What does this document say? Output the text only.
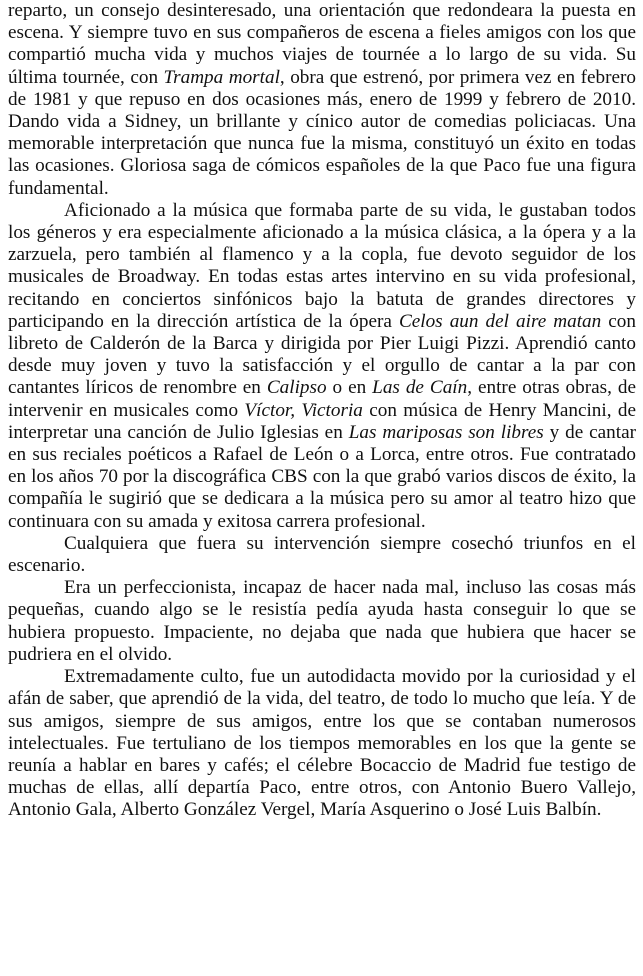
reparto, un consejo desinteresado, una orientación que redondeara la puesta en escena. Y siempre tuvo en sus compañeros de escena a fieles amigos con los que compartió mucha vida y muchos viajes de tournée a lo largo de su vida. Su última tournée, con Trampa mortal, obra que estrenó, por primera vez en febrero de 1981 y que repuso en dos ocasiones más, enero de 1999 y febrero de 2010. Dando vida a Sidney, un brillante y cínico autor de comedias policiacas. Una memorable interpretación que nunca fue la misma, constituyó un éxito en todas las ocasiones. Gloriosa saga de cómicos españoles de la que Paco fue una figura fundamental.

Aficionado a la música que formaba parte de su vida, le gustaban todos los géneros y era especialmente aficionado a la música clásica, a la ópera y a la zarzuela, pero también al flamenco y a la copla, fue devoto seguidor de los musicales de Broadway. En todas estas artes intervino en su vida profesional, recitando en conciertos sinfónicos bajo la batuta de grandes directores y participando en la dirección artística de la ópera Celos aun del aire matan con libreto de Calderón de la Barca y dirigida por Pier Luigi Pizzi. Aprendió canto desde muy joven y tuvo la satisfacción y el orgullo de cantar a la par con cantantes líricos de renombre en Calipso o en Las de Caín, entre otras obras, de intervenir en musicales como Víctor, Victoria con música de Henry Mancini, de interpretar una canción de Julio Iglesias en Las mariposas son libres y de cantar en sus reciales poéticos a Rafael de León o a Lorca, entre otros. Fue contratado en los años 70 por la discográfica CBS con la que grabó varios discos de éxito, la compañía le sugirió que se dedicara a la música pero su amor al teatro hizo que continuara con su amada y exitosa carrera profesional.

Cualquiera que fuera su intervención siempre cosechó triunfos en el escenario.

Era un perfeccionista, incapaz de hacer nada mal, incluso las cosas más pequeñas, cuando algo se le resistía pedía ayuda hasta conseguir lo que se hubiera propuesto. Impaciente, no dejaba que nada que hubiera que hacer se pudriera en el olvido.

Extremadamente culto, fue un autodidacta movido por la curiosidad y el afán de saber, que aprendió de la vida, del teatro, de todo lo mucho que leía. Y de sus amigos, siempre de sus amigos, entre los que se contaban numerosos intelectuales. Fue tertuliano de los tiempos memorables en los que la gente se reunía a hablar en bares y cafés; el célebre Bocaccio de Madrid fue testigo de muchas de ellas, allí departía Paco, entre otros, con Antonio Buero Vallejo, Antonio Gala, Alberto González Vergel, María Asquerino o José Luis Balbín.
